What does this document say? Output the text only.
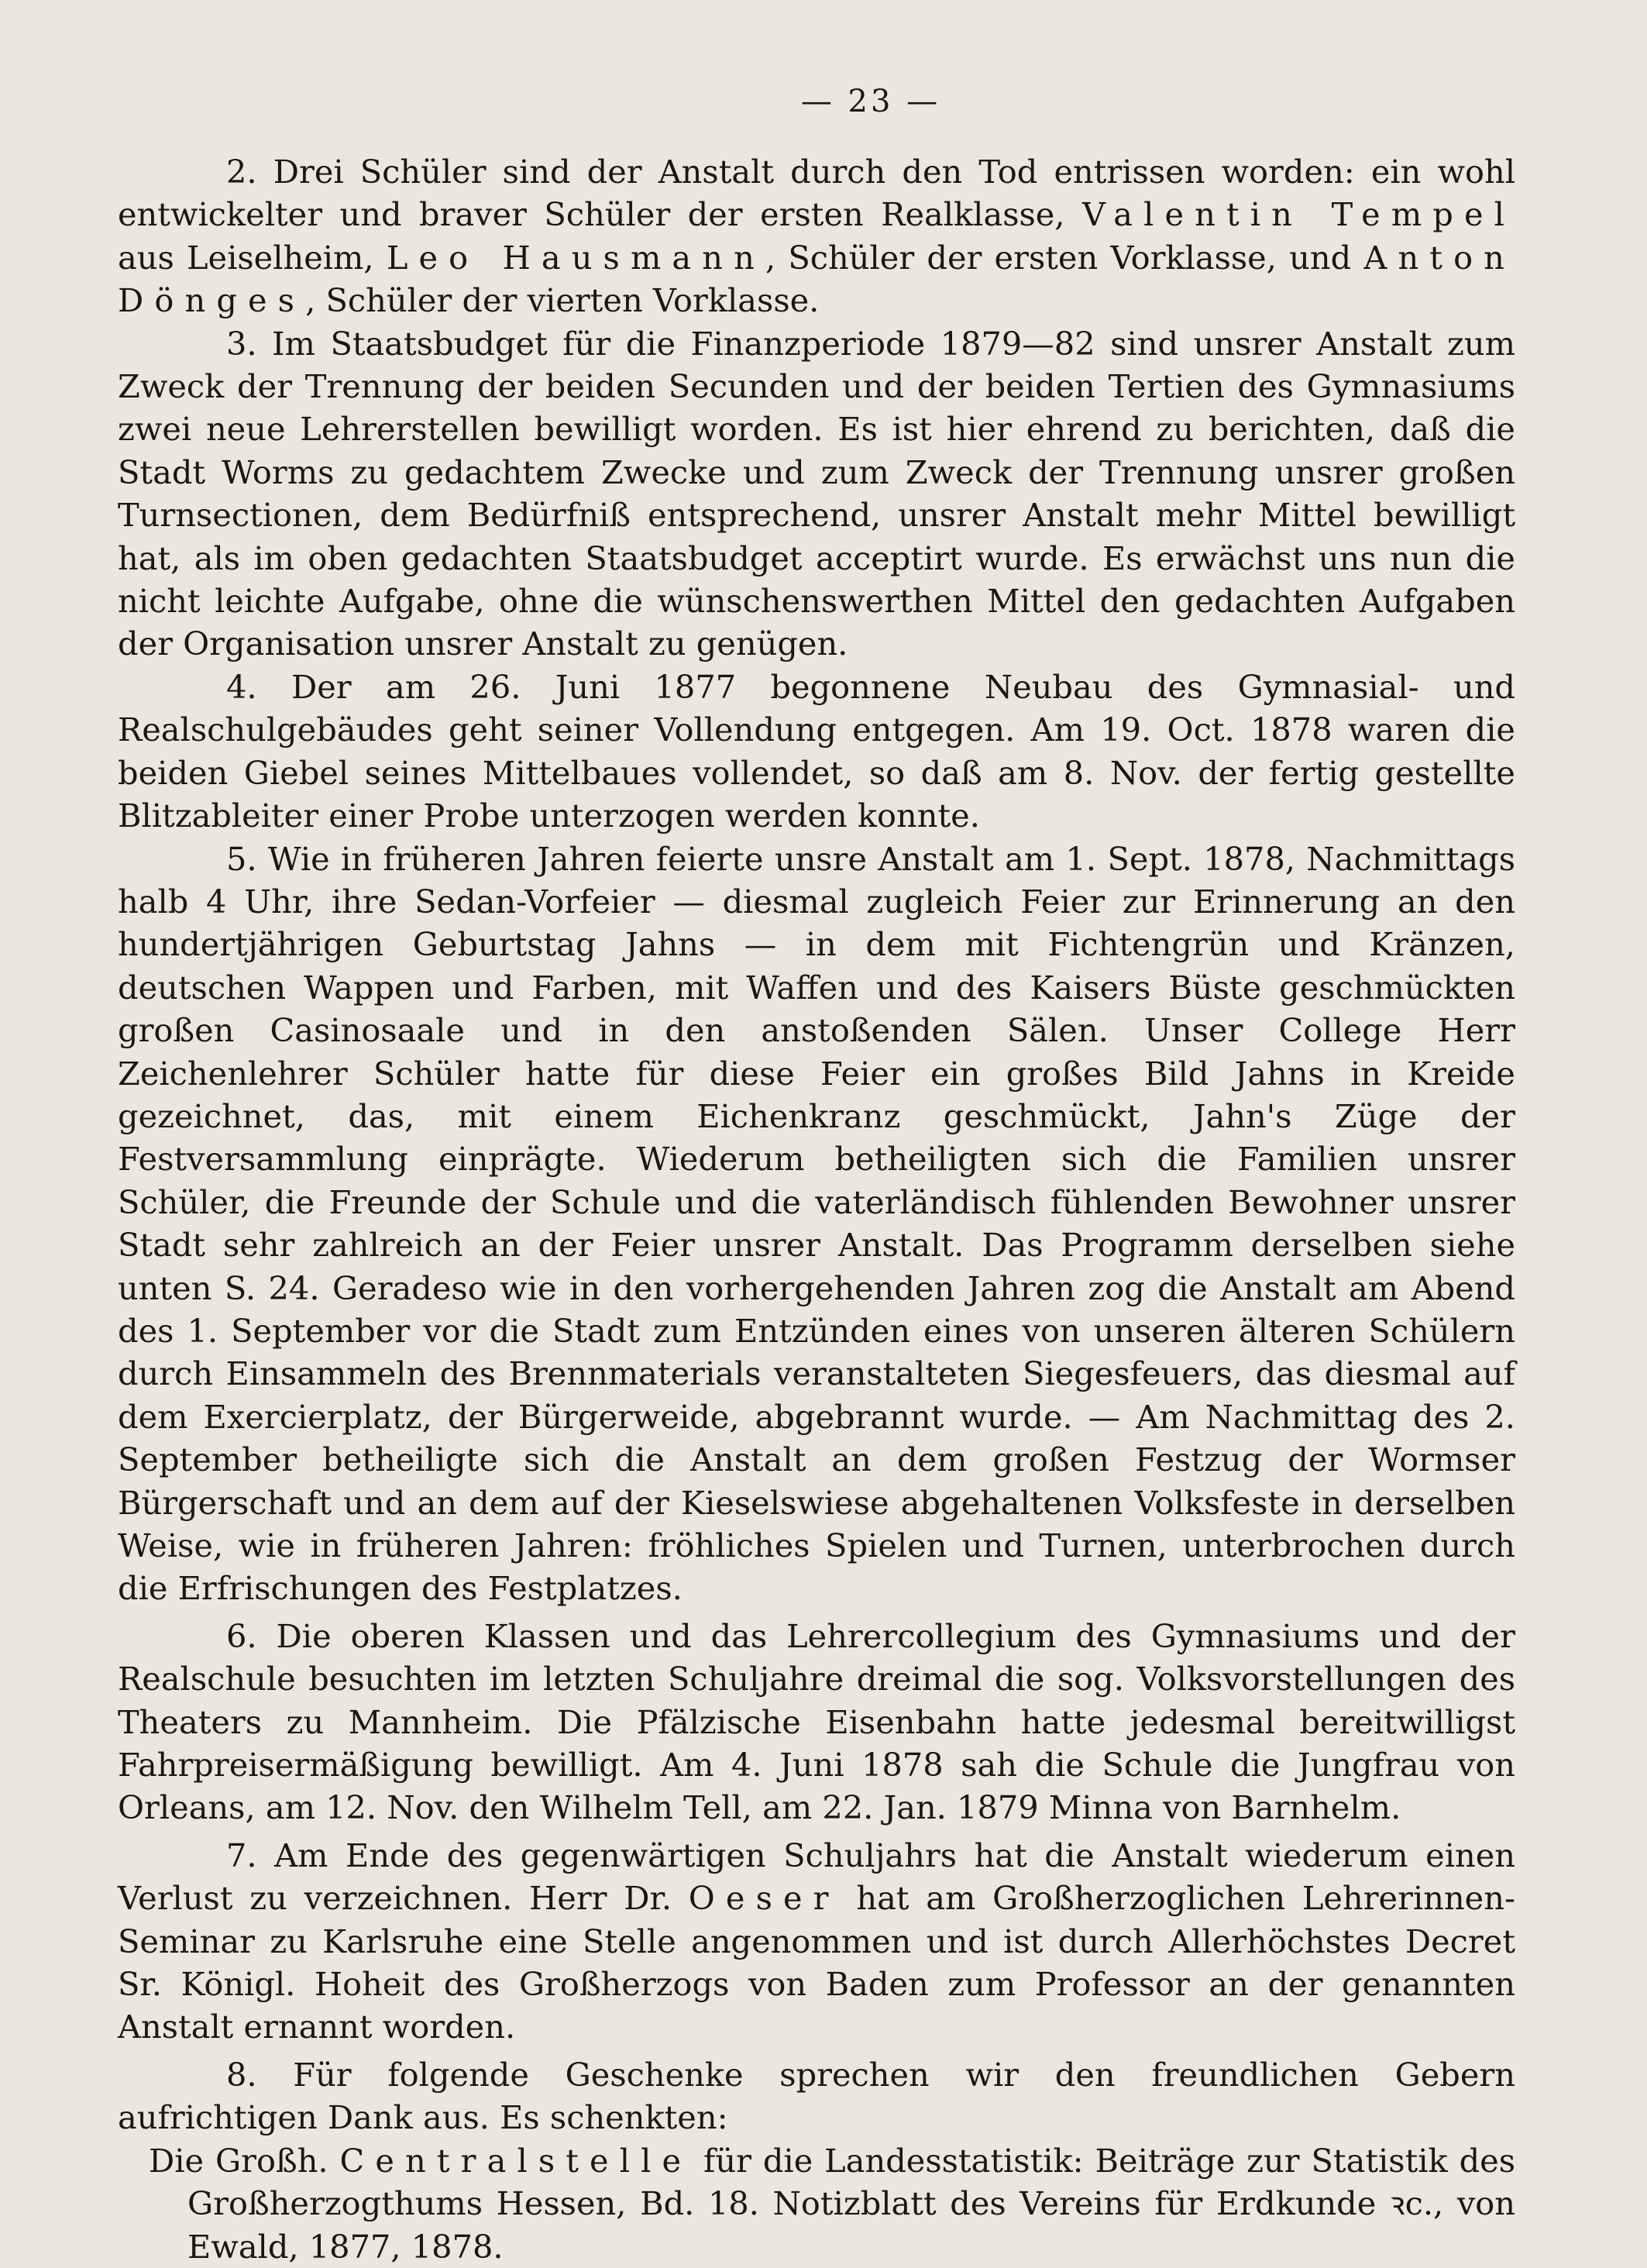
— 23 —

2. Drei Schüler sind der Anstalt durch den Tod entrissen worden: ein wohl entwickelter und braver Schüler der ersten Realklasse, Valentin Tempel aus Leiselheim, Leo Hausmann, Schüler der ersten Vorklasse, und Anton Dönges, Schüler der vierten Vorklasse.

3. Im Staatsbudget für die Finanzperiode 1879—82 sind unsrer Anstalt zum Zweck der Trennung der beiden Secunden und der beiden Tertien des Gymnasiums zwei neue Lehrerstellen bewilligt worden. Es ist hier ehrend zu berichten, daß die Stadt Worms zu gedachtem Zwecke und zum Zweck der Trennung unsrer großen Turnsectionen, dem Bedürfniß entsprechend, unsrer Anstalt mehr Mittel bewilligt hat, als im oben gedachten Staatsbudget acceptirt wurde. Es erwächst uns nun die nicht leichte Aufgabe, ohne die wünschenswerthen Mittel den gedachten Aufgaben der Organisation unsrer Anstalt zu genügen.

4. Der am 26. Juni 1877 begonnene Neubau des Gymnasial- und Realschulgebäudes geht seiner Vollendung entgegen. Am 19. Oct. 1878 waren die beiden Giebel seines Mittelbaues vollendet, so daß am 8. Nov. der fertig gestellte Blitzableiter einer Probe unterzogen werden konnte.

5. Wie in früheren Jahren feierte unsre Anstalt am 1. Sept. 1878, Nachmittags halb 4 Uhr, ihre Sedan-Vorfeier — diesmal zugleich Feier zur Erinnerung an den hundertjährigen Geburtstag Jahns — in dem mit Fichtengrün und Kränzen, deutschen Wappen und Farben, mit Waffen und des Kaisers Büste geschmückten großen Casinosaale und in den anstoßenden Sälen. Unser College Herr Zeichenlehrer Schüler hatte für diese Feier ein großes Bild Jahns in Kreide gezeichnet, das, mit einem Eichenkranz geschmückt, Jahn's Züge der Festversammlung einprägte. Wiederum betheiligten sich die Familien unsrer Schüler, die Freunde der Schule und die vaterländisch fühlenden Bewohner unsrer Stadt sehr zahlreich an der Feier unsrer Anstalt. Das Programm derselben siehe unten S. 24. Geradeso wie in den vorhergehenden Jahren zog die Anstalt am Abend des 1. September vor die Stadt zum Entzünden eines von unseren älteren Schülern durch Einsammeln des Brennmaterials veranstalteten Siegesfeuers, das diesmal auf dem Exercierplatz, der Bürgerweide, abgebrannt wurde. — Am Nachmittag des 2. September betheiligte sich die Anstalt an dem großen Festzug der Wormser Bürgerschaft und an dem auf der Kieselswiese abgehaltenen Volksfeste in derselben Weise, wie in früheren Jahren: fröhliches Spielen und Turnen, unterbrochen durch die Erfrischungen des Festplatzes.

6. Die oberen Klassen und das Lehrercollegium des Gymnasiums und der Realschule besuchten im letzten Schuljahre dreimal die sog. Volksvorstellungen des Theaters zu Mannheim. Die Pfälzische Eisenbahn hatte jedesmal bereitwilligst Fahrpreisermäßigung bewilligt. Am 4. Juni 1878 sah die Schule die Jungfrau von Orleans, am 12. Nov. den Wilhelm Tell, am 22. Jan. 1879 Minna von Barnhelm.

7. Am Ende des gegenwärtigen Schuljahrs hat die Anstalt wiederum einen Verlust zu verzeichnen. Herr Dr. Oeser hat am Großherzoglichen Lehrerinnen-Seminar zu Karlsruhe eine Stelle angenommen und ist durch Allerhöchstes Decret Sr. Königl. Hoheit des Großherzogs von Baden zum Professor an der genannten Anstalt ernannt worden.

8. Für folgende Geschenke sprechen wir den freundlichen Gebern aufrichtigen Dank aus. Es schenkten:

Die Großh. Centralstelle für die Landesstatistik: Beiträge zur Statistik des Großherzogthums Hessen, Bd. 18. Notizblatt des Vereins für Erdkunde ꝛc., von Ewald, 1877, 1878.
